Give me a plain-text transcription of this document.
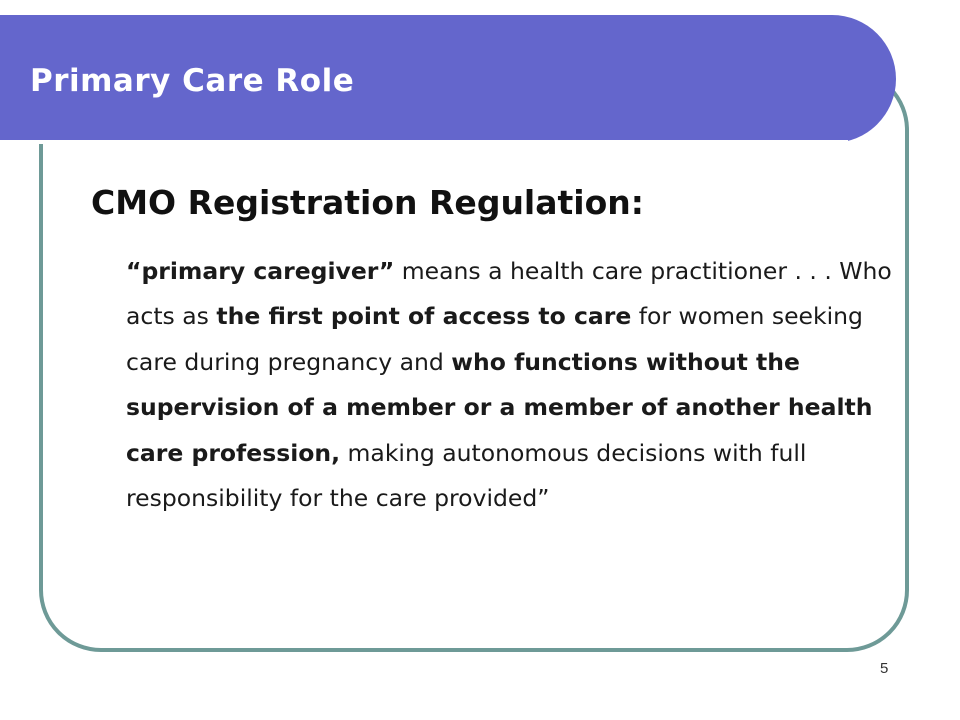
Primary Care Role
CMO Registration Regulation:

“primary caregiver” means a health care practitioner . . . Who acts as the first point of access to care for women seeking care during pregnancy and who functions without the supervision of a member or a member of another health care profession, making autonomous decisions with full responsibility for the care provided”

5
